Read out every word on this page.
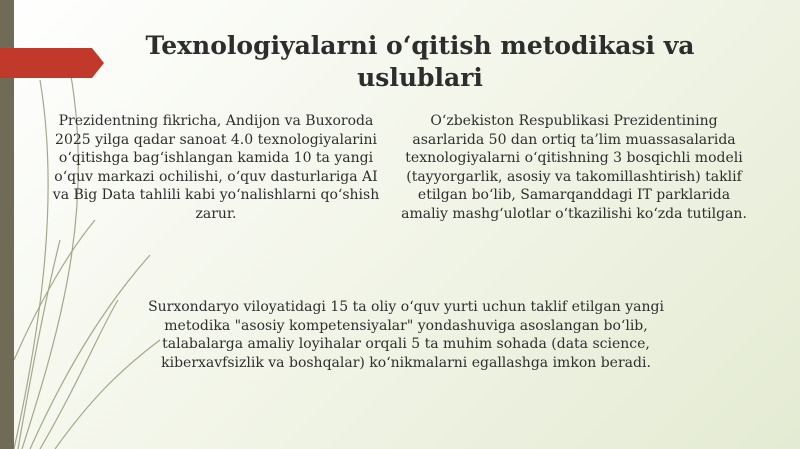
Texnologiyalarni o‘qitish metodikasi va uslublari

Prezidentning fikricha, Andijon va Buxoroda 2025 yilga qadar sanoat 4.0 texnologiyalarini o‘qitishga bag‘ishlangan kamida 10 ta yangi o‘quv markazi ochilishi, o‘quv dasturlariga AI va Big Data tahlili kabi yo‘nalishlarni qo‘shish zarur.

O‘zbekiston Respublikasi Prezidentining asarlarida 50 dan ortiq ta’lim muassasalarida texnologiyalarni o‘qitishning 3 bosqichli modeli (tayyorgarlik, asosiy va takomillashtirish) taklif etilgan bo‘lib, Samarqanddagi IT parklarida amaliy mashg‘ulotlar o‘tkazilishi ko‘zda tutilgan.

Surxondaryo viloyatidagi 15 ta oliy o‘quv yurti uchun taklif etilgan yangi metodika "asosiy kompetensiyalar" yondashuviga asoslangan bo‘lib, talabalarga amaliy loyihalar orqali 5 ta muhim sohada (data science, kiberxavfsizlik va boshqalar) ko‘nikmalarni egallashga imkon beradi.
